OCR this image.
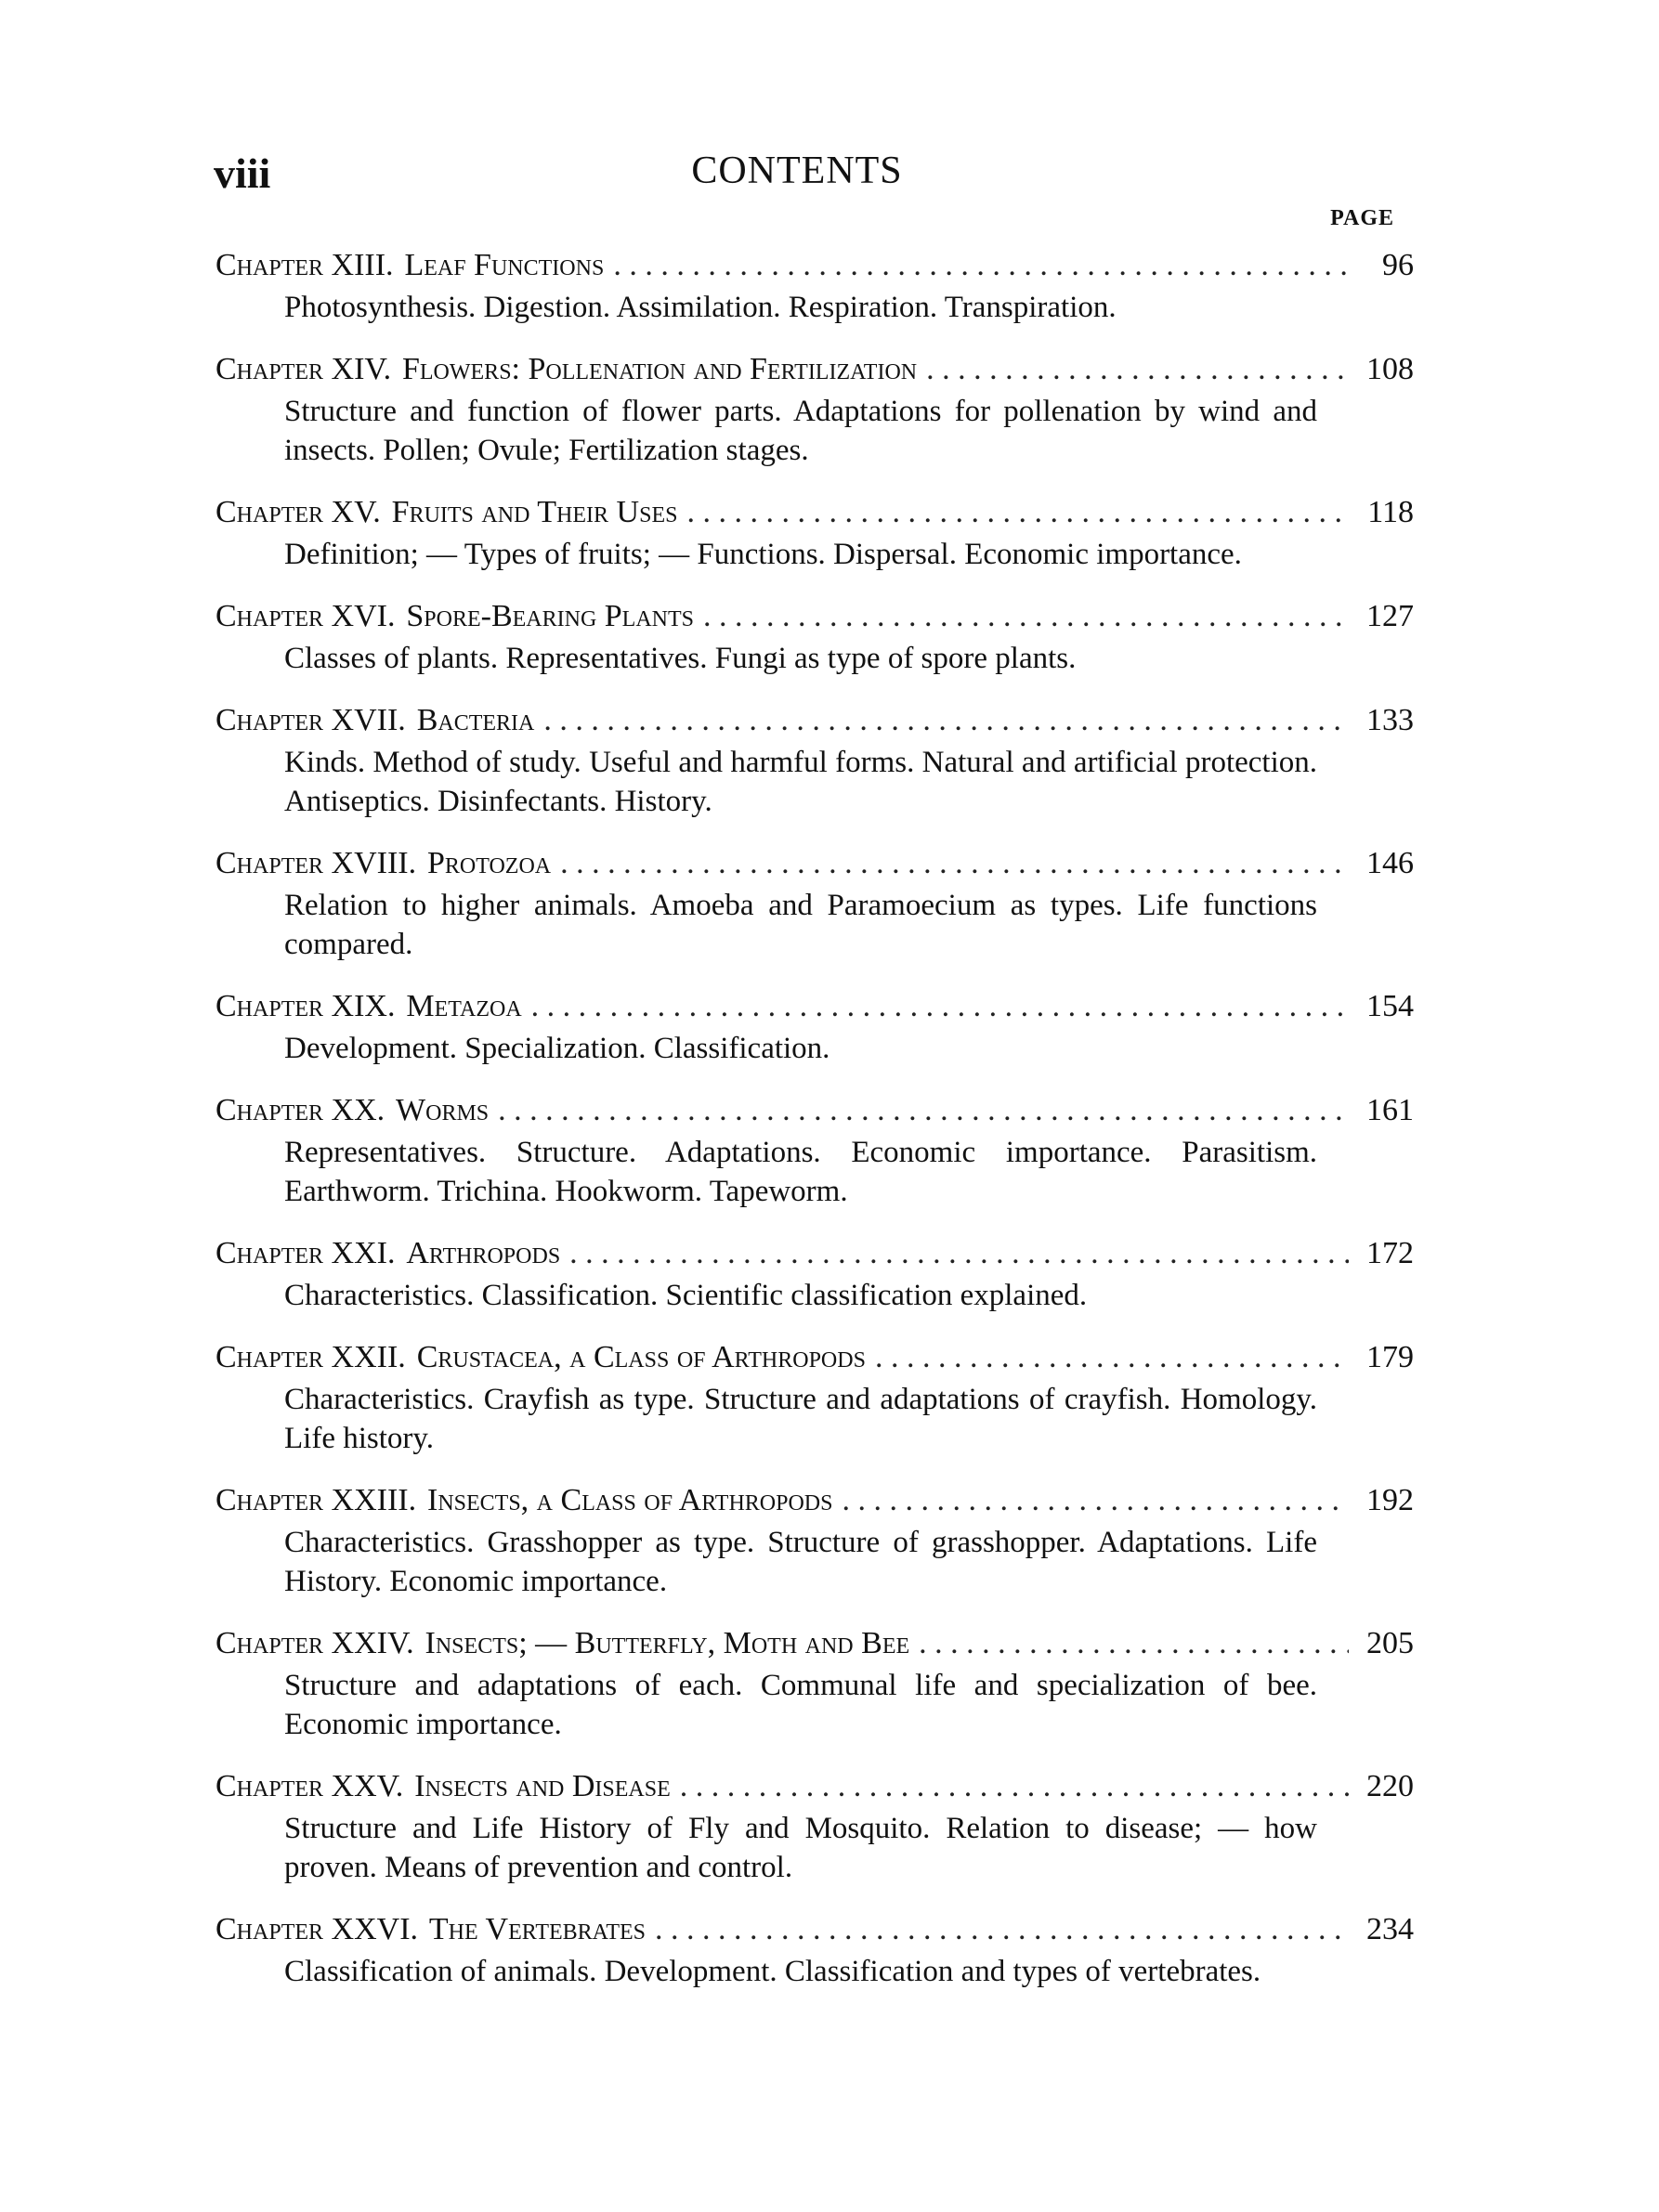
viii	CONTENTS
PAGE
Chapter XIII. Leaf Functions . . .	96
Photosynthesis. Digestion. Assimilation. Respiration. Transpiration.
Chapter XIV. Flowers: Pollenation and Fertilization . . .	108
Structure and function of flower parts. Adaptations for pollenation by wind and insects. Pollen; Ovule; Fertilization stages.
Chapter XV. Fruits and Their Uses . . .	118
Definition; — Types of fruits; — Functions. Dispersal. Economic importance.
Chapter XVI. Spore-Bearing Plants . . .	127
Classes of plants. Representatives. Fungi as type of spore plants.
Chapter XVII. Bacteria . . .	133
Kinds. Method of study. Useful and harmful forms. Natural and artificial protection. Antiseptics. Disinfectants. History.
Chapter XVIII. Protozoa . . .	146
Relation to higher animals. Amoeba and Paramoecium as types. Life functions compared.
Chapter XIX. Metazoa . . .	154
Development. Specialization. Classification.
Chapter XX. Worms . . .	161
Representatives. Structure. Adaptations. Economic importance. Parasitism. Earthworm. Trichina. Hookworm. Tapeworm.
Chapter XXI. Arthropods . . .	172
Characteristics. Classification. Scientific classification explained.
Chapter XXII. Crustacea, a Class of Arthropods . . .	179
Characteristics. Crayfish as type. Structure and adaptations of crayfish. Homology. Life history.
Chapter XXIII. Insects, a Class of Arthropods . . .	192
Characteristics. Grasshopper as type. Structure of grasshopper. Adaptations. Life History. Economic importance.
Chapter XXIV. Insects; — Butterfly, Moth and Bee . . .	205
Structure and adaptations of each. Communal life and specialization of bee. Economic importance.
Chapter XXV. Insects and Disease . . .	220
Structure and Life History of Fly and Mosquito. Relation to disease; — how proven. Means of prevention and control.
Chapter XXVI. The Vertebrates . . .	234
Classification of animals. Development. Classification and types of vertebrates.
